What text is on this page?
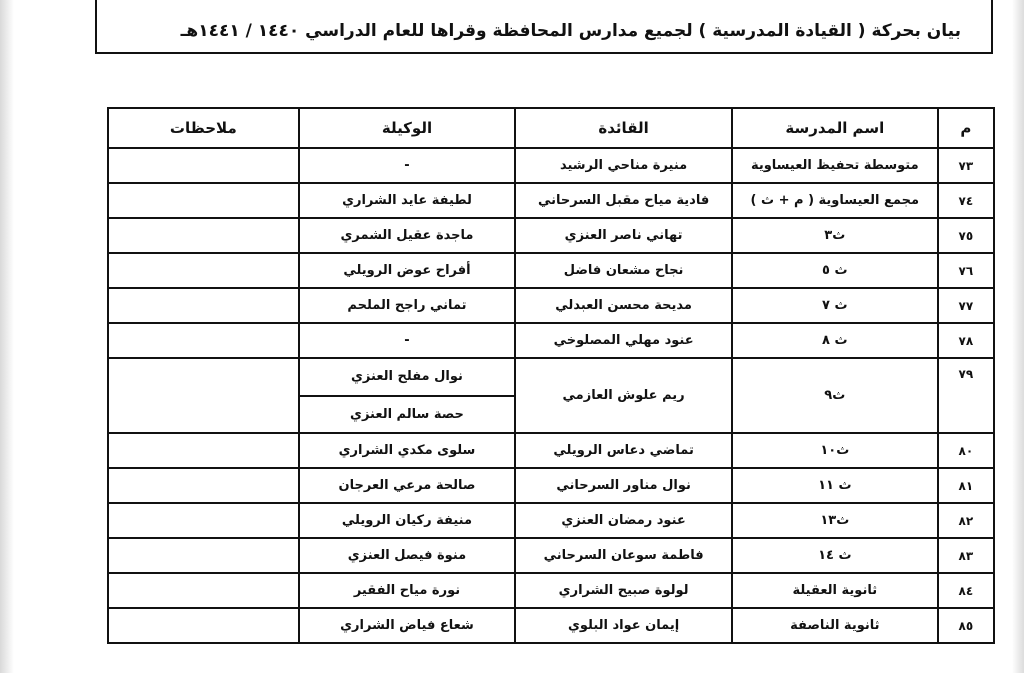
بيان بحركة ( القيادة المدرسية ) لجميع مدارس المحافظة وقراها للعام الدراسي ١٤٤٠ / ١٤٤١هـ
م	اسم المدرسة	القائدة	الوكيلة	ملاحظات
٧٣	متوسطة تحفيظ العيساوية	منيرة مناحي الرشيد	-	
٧٤	مجمع العيساوية ( م + ث )	فادية مياح مقبل السرحاني	لطيفة عايد الشراري	
٧٥	ث٣	تهاني ناصر العنزي	ماجدة عقيل الشمري	
٧٦	ث ٥	نجاح مشعان فاضل	أفراح عوض الرويلي	
٧٧	ث ٧	مديحة محسن العبدلي	تماني راجح الملحم	
٧٨	ث ٨	عنود مهلي المصلوخي	-	
٧٩	ث٩	ريم علوش العازمي	نوال مفلح العنزي
حصة سالم العنزي	

٨٠	ث١٠	تماضي دعاس الرويلي	سلوى مكدي الشراري	
٨١	ث ١١	نوال مناور السرحاني	صالحة مرعي العرجان	
٨٢	ث١٣	عنود رمضان العنزي	منيفة ركيان الرويلي	
٨٣	ث ١٤	فاطمة سوعان السرحاني	منوة فيصل العنزي	
٨٤	ثانوية العقيلة	لولوة صبيح الشراري	نورة مياح الفقير	
٨٥	ثانوية الناصفة	إيمان عواد البلوي	شعاع فياض الشراري	
